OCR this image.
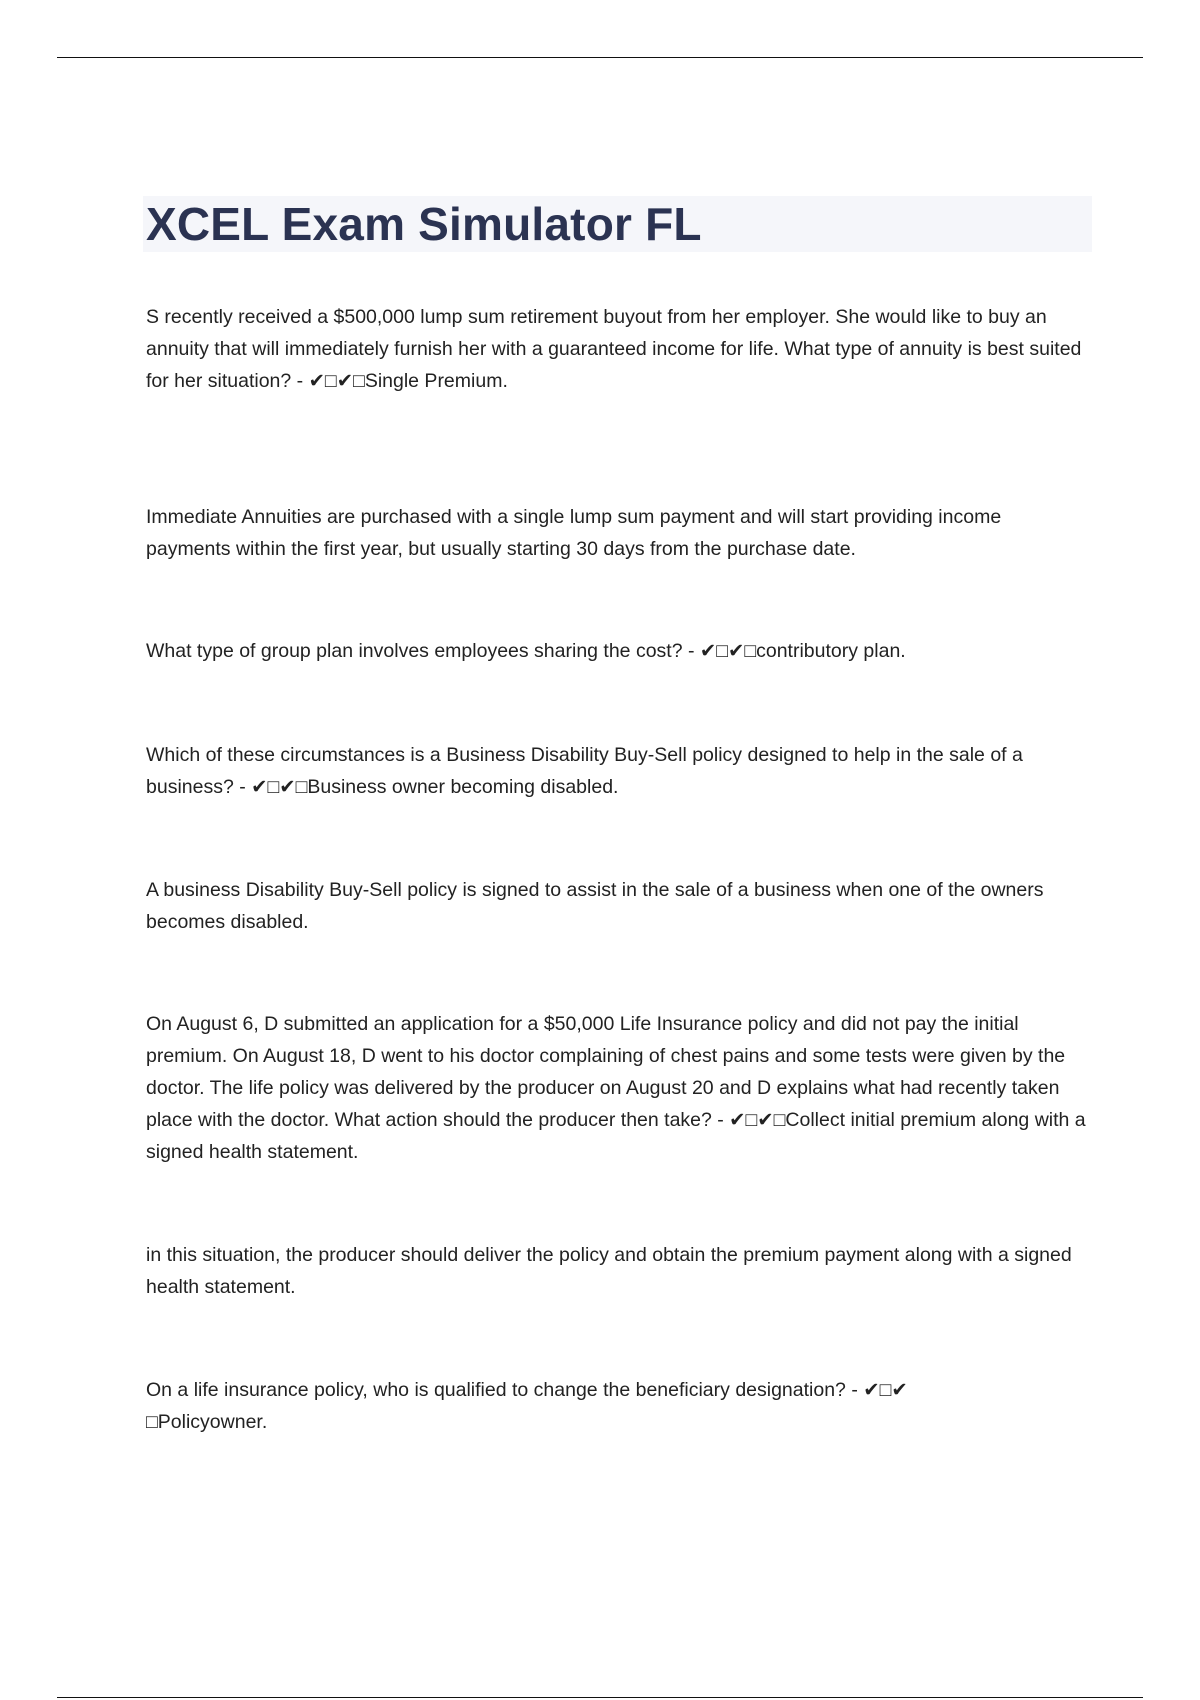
XCEL Exam Simulator FL

S recently received a $500,000 lump sum retirement buyout from her employer. She would like to buy an annuity that will immediately furnish her with a guaranteed income for life. What type of annuity is best suited for her situation? - ✔□✔□Single Premium.

Immediate Annuities are purchased with a single lump sum payment and will start providing income payments within the first year, but usually starting 30 days from the purchase date.

What type of group plan involves employees sharing the cost? - ✔□✔□contributory plan.

Which of these circumstances is a Business Disability Buy-Sell policy designed to help in the sale of a business? - ✔□✔□Business owner becoming disabled.

A business Disability Buy-Sell policy is signed to assist in the sale of a business when one of the owners becomes disabled.

On August 6, D submitted an application for a $50,000 Life Insurance policy and did not pay the initial premium. On August 18, D went to his doctor complaining of chest pains and some tests were given by the doctor. The life policy was delivered by the producer on August 20 and D explains what had recently taken place with the doctor. What action should the producer then take? - ✔□✔□Collect initial premium along with a signed health statement.

in this situation, the producer should deliver the policy and obtain the premium payment along with a signed health statement.

On a life insurance policy, who is qualified to change the beneficiary designation? - ✔□✔
□Policyowner.
